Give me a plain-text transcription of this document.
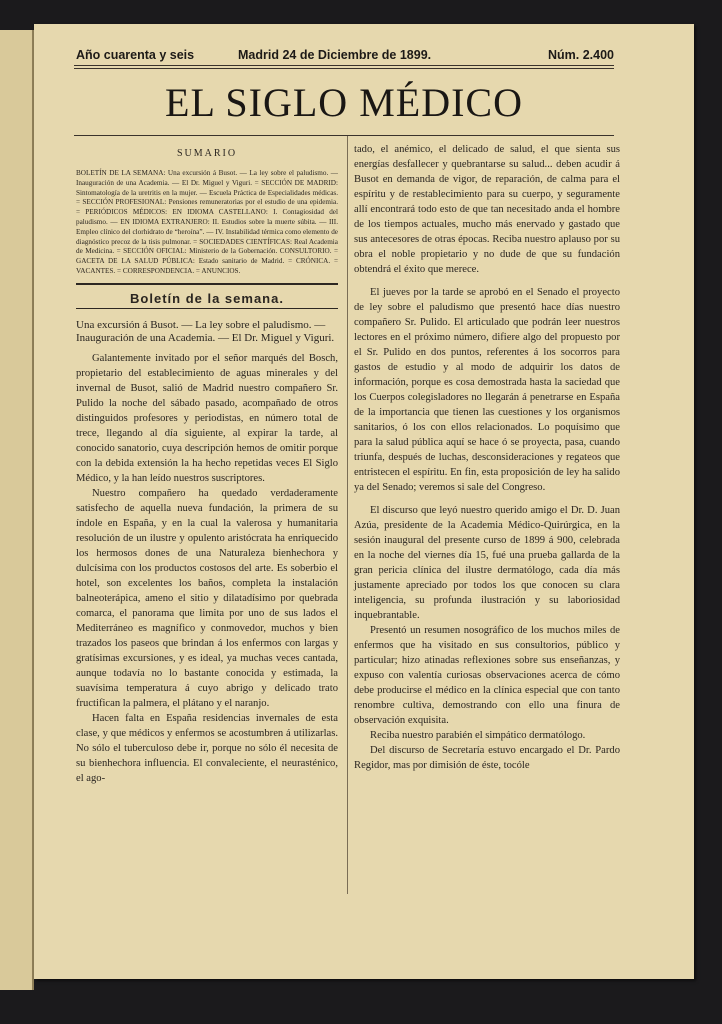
Año cuarenta y seis	Madrid 24 de Diciembre de 1899.	Núm. 2.400
EL SIGLO MÉDICO
SUMARIO

BOLETÍN DE LA SEMANA: Una excursión á Busot. — La ley sobre el paludismo. — Inauguración de una Academia. — El Dr. Miguel y Viguri. = SECCIÓN DE MADRID: Sintomatología de la uretritis en la mujer. — Escuela Práctica de Especialidades médicas. = SECCIÓN PROFESIONAL: Pensiones remuneratorias por el estudio de una epidemia. = PERIÓDICOS MÉDICOS: EN IDIOMA CASTELLANO: I. Contagiosidad del paludismo. — EN IDIOMA EXTRANJERO: II. Estudios sobre la muerte súbita. — III. Empleo clínico del clorhidrato de “heroína”. — IV. Instabilidad térmica como elemento de diagnóstico precoz de la tisis pulmonar. = SOCIEDADES CIENTÍFICAS: Real Academia de Medicina. = SECCIÓN OFICIAL: Ministerio de la Gobernación. CONSULTORIO. = GACETA DE LA SALUD PÚBLICA: Estado sanitario de Madrid. = CRÓNICA. = VACANTES. = CORRESPONDENCIA. = ANUNCIOS.

Boletín de la semana.
Una excursión á Busot. — La ley sobre el paludismo. — Inauguración de una Academia. — El Dr. Miguel y Viguri.

Galantemente invitado por el señor marqués del Bosch, propietario del establecimiento de aguas minerales y del invernal de Busot, salió de Madrid nuestro compañero Sr. Pulido la noche del sábado pasado, acompañado de otros distinguidos profesores y periodistas, en número total de trece, llegando al día siguiente, al expirar la tarde, al conocido sanatorio, cuya descripción hemos de omitir porque con la debida extensión la ha hecho repetidas veces El Siglo Médico, y la han leído nuestros suscriptores.

Nuestro compañero ha quedado verdaderamente satisfecho de aquella nueva fundación, la primera de su índole en España, y en la cual la valerosa y humanitaria resolución de un ilustre y opulento aristócrata ha enriquecido los hermosos dones de una Naturaleza bienhechora y dulcísima con los productos costosos del arte. Es soberbio el hotel, son excelentes los baños, completa la instalación balneoterápica, ameno el sitio y dilatadísimo por quebrada comarca, el panorama que limita por uno de sus lados el Mediterráneo es magnífico y conmovedor, muchos y bien trazados los paseos que brindan á los enfermos con largas y gratísimas excursiones, y es ideal, ya muchas veces cantada, aunque todavía no lo bastante conocida y estimada, la suavísima temperatura á cuyo abrigo y delicado trato fructifican la palmera, el plátano y el naranjo.

Hacen falta en España residencias invernales de esta clase, y que médicos y enfermos se acostumbren á utilizarlas. No sólo el tuberculoso debe ir, porque no sólo él necesita de su bienhechora influencia. El convaleciente, el neurasténico, el ago-

tado, el anémico, el delicado de salud, el que sienta sus energías desfallecer y quebrantarse su salud... deben acudir á Busot en demanda de vigor, de reparación, de calma para el espíritu y de restablecimiento para su cuerpo, y seguramente allí encontrará todo esto de que tan necesitado anda el hombre de los tiempos actuales, mucho más enervado y gastado que sus antecesores de otras épocas. Reciba nuestro aplauso por su obra el noble propietario y no dude de que su fundación obtendrá el éxito que merece.

El jueves por la tarde se aprobó en el Senado el proyecto de ley sobre el paludismo que presentó hace días nuestro compañero Sr. Pulido. El articulado que podrán leer nuestros lectores en el próximo número, difiere algo del propuesto por el Sr. Pulido en dos puntos, referentes á los socorros para gastos de estudio y al modo de adquirir los datos de información, porque es cosa demostrada hasta la saciedad que los Cuerpos colegisladores no llegarán á penetrarse en España de la importancia que tienen las cuestiones y los organismos sanitarios, ó los con ellos relacionados. Lo poquísimo que para la salud pública aquí se hace ó se proyecta, pasa, cuando triunfa, después de luchas, desconsideraciones y regateos que entristecen el espíritu. En fin, esta proposición de ley ha salido ya del Senado; veremos si sale del Congreso.

El discurso que leyó nuestro querido amigo el Dr. D. Juan Azúa, presidente de la Academia Médico-Quirúrgica, en la sesión inaugural del presente curso de 1899 á 900, celebrada en la noche del viernes día 15, fué una prueba gallarda de la gran pericia clínica del ilustre dermatólogo, cada día más justamente apreciado por todos los que conocen su clara inteligencia, su profunda ilustración y su laboriosidad inquebrantable.

Presentó un resumen nosográfico de los muchos miles de enfermos que ha visitado en sus consultorios, público y particular; hizo atinadas reflexiones sobre sus enseñanzas, y expuso con valentía curiosas observaciones acerca de cómo debe producirse el médico en la clínica especial que con tanto renombre cultiva, demostrando con ello una finura de observación exquisita.

Reciba nuestro parabién el simpático dermatólogo.

Del discurso de Secretaría estuvo encargado el Dr. Pardo Regidor, mas por dimisión de éste, tocóle
